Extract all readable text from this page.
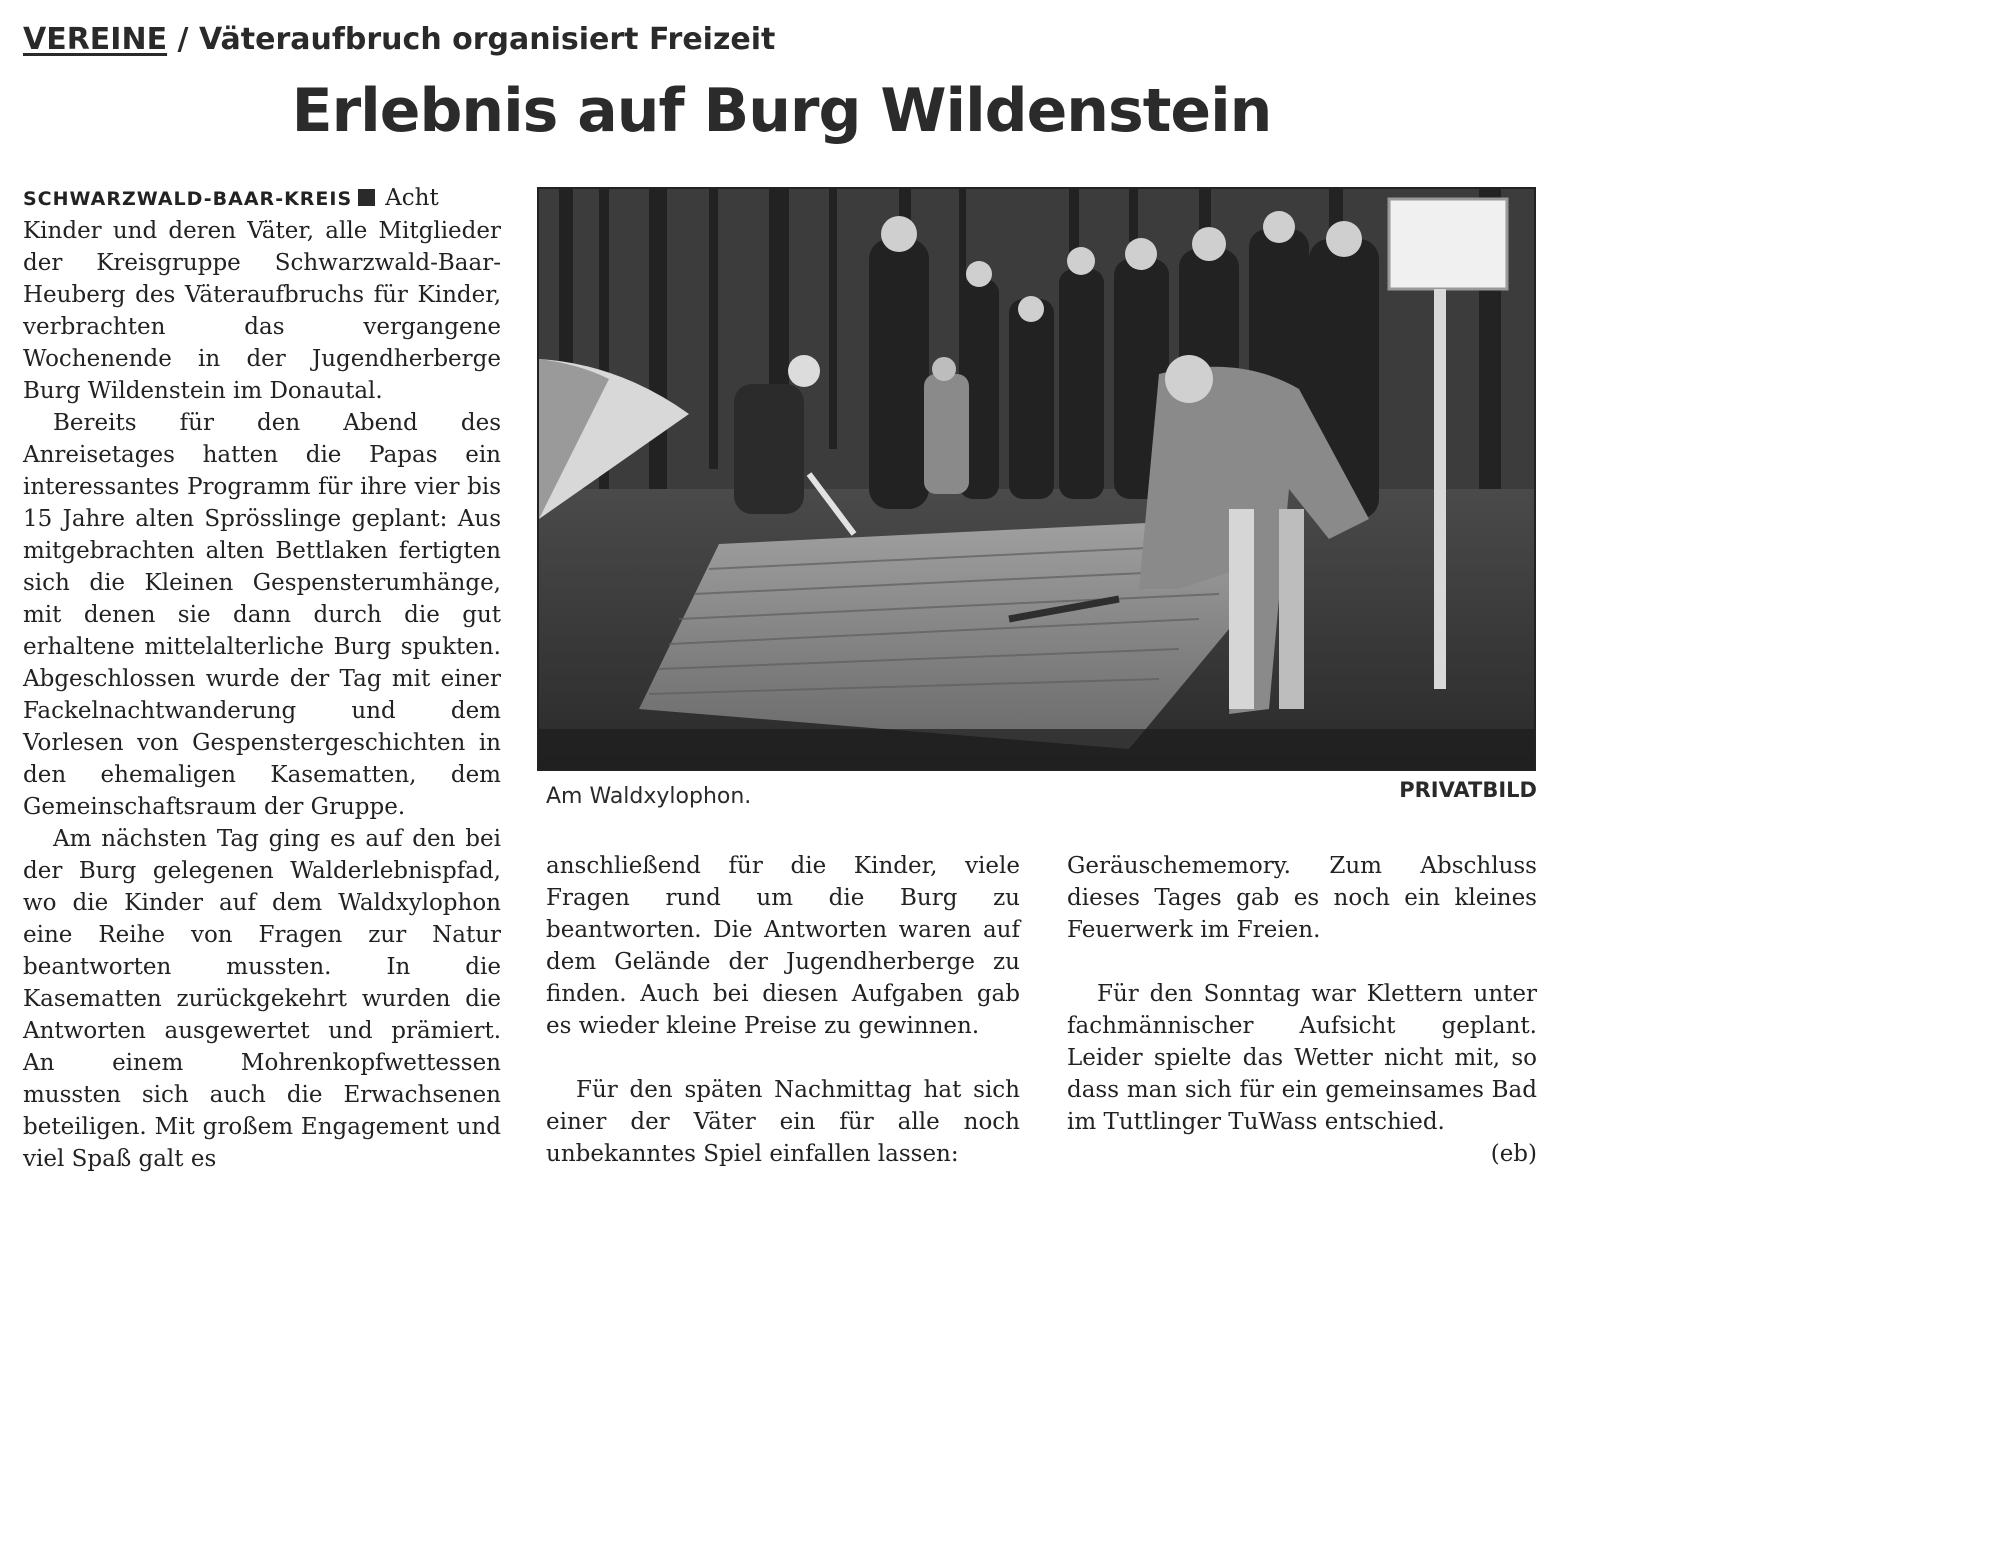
VEREINE / Väteraufbruch organisiert Freizeit
Erlebnis auf Burg Wildenstein

SCHWARZWALD-BAAR-KREIS Acht Kinder und deren Väter, alle Mitglieder der Kreisgruppe Schwarzwald-Baar-Heuberg des Väteraufbruchs für Kinder, verbrachten das vergangene Wochenende in der Jugendherberge Burg Wildenstein im Donautal.

Bereits für den Abend des Anreisetages hatten die Papas ein interessantes Programm für ihre vier bis 15 Jahre alten Sprösslinge geplant: Aus mitgebrachten alten Bettlaken fertigten sich die Kleinen Gespensterumhänge, mit denen sie dann durch die gut erhaltene mittelalterliche Burg spukten. Abgeschlossen wurde der Tag mit einer Fackelnachtwanderung und dem Vorlesen von Gespenstergeschichten in den ehemaligen Kasematten, dem Gemeinschaftsraum der Gruppe.

Am nächsten Tag ging es auf den bei der Burg gelegenen Walderlebnispfad, wo die Kinder auf dem Waldxylophon eine Reihe von Fragen zur Natur beantworten mussten. In die Kasematten zurückgekehrt wurden die Antworten ausgewertet und prämiert. An einem Mohrenkopfwettessen mussten sich auch die Erwachsenen beteiligen. Mit großem Engagement und viel Spaß galt es

Am Waldxylophon.	PRIVATBILD

anschließend für die Kinder, viele Fragen rund um die Burg zu beantworten. Die Antworten waren auf dem Gelände der Jugendherberge zu finden. Auch bei diesen Aufgaben gab es wieder kleine Preise zu gewinnen.

Für den späten Nachmittag hat sich einer der Väter ein für alle noch unbekanntes Spiel einfallen lassen:

Geräuschememory. Zum Abschluss dieses Tages gab es noch ein kleines Feuerwerk im Freien.

Für den Sonntag war Klettern unter fachmännischer Aufsicht geplant. Leider spielte das Wetter nicht mit, so dass man sich für ein gemeinsames Bad im Tuttlinger TuWass entschied.

(eb)
